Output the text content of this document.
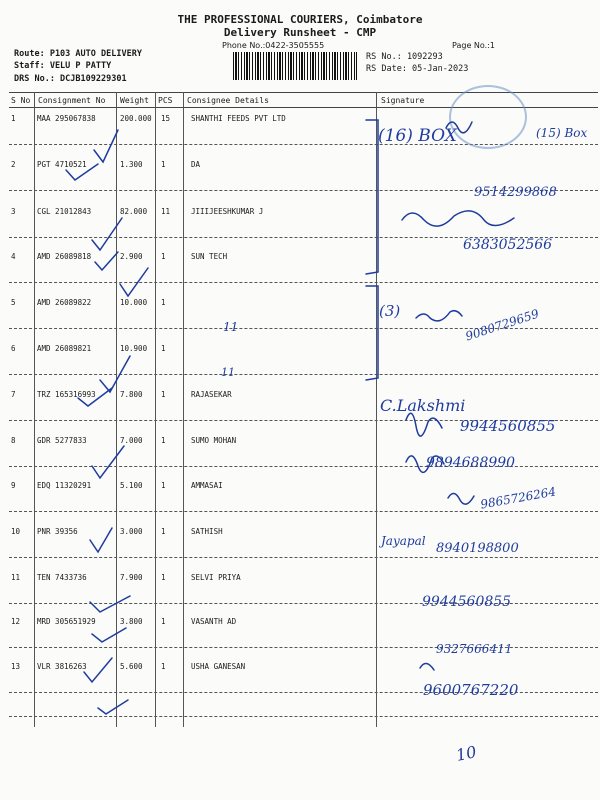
THE PROFESSIONAL COURIERS, Coimbatore
Delivery Runsheet - CMP
Phone No.:0422-3505555	Page No.:1
Route: P103 AUTO DELIVERY
Staff: VELU P PATTY
DRS No.: DCJB109229301
RS No.: 1092293
RS Date: 05-Jan-2023
S No Consignment No Weight PCS Consignee Details	Signature
1	MAA 295067838	200.000 15	SHANTHI FEEDS PVT LTD
2	PGT 4710521	1.300 1	DA
3	CGL 21012843	82.000 11	JIIIJEESHKUMAR J
4	AMD 26089818	2.900 1	SUN TECH
5	AMD 26089822	10.000 1
6	AMD 26089821	10.900 1
7	TRZ 165316993	7.800 1	RAJASEKAR
8	GDR 5277833	7.000 1	SUMO MOHAN
9	EDQ 11320291	5.100 1	AMMASAI
10 PNR 39356	3.000 1	SATHISH
11 TEN 7433736	7.900 1	SELVI PRIYA
12 MRD 305651929	3.800 1	VASANTH AD
13 VLR 3816263	5.600 1	USHA GANESAN
(16) BOX	(15) Box
9514299868
6383052566
(3)	9080729659
11
11
C.Lakshmi
9944560855
9894688990
9865726264
Jayapal 8940198800
9944560855
9327666411
9600767220
10
